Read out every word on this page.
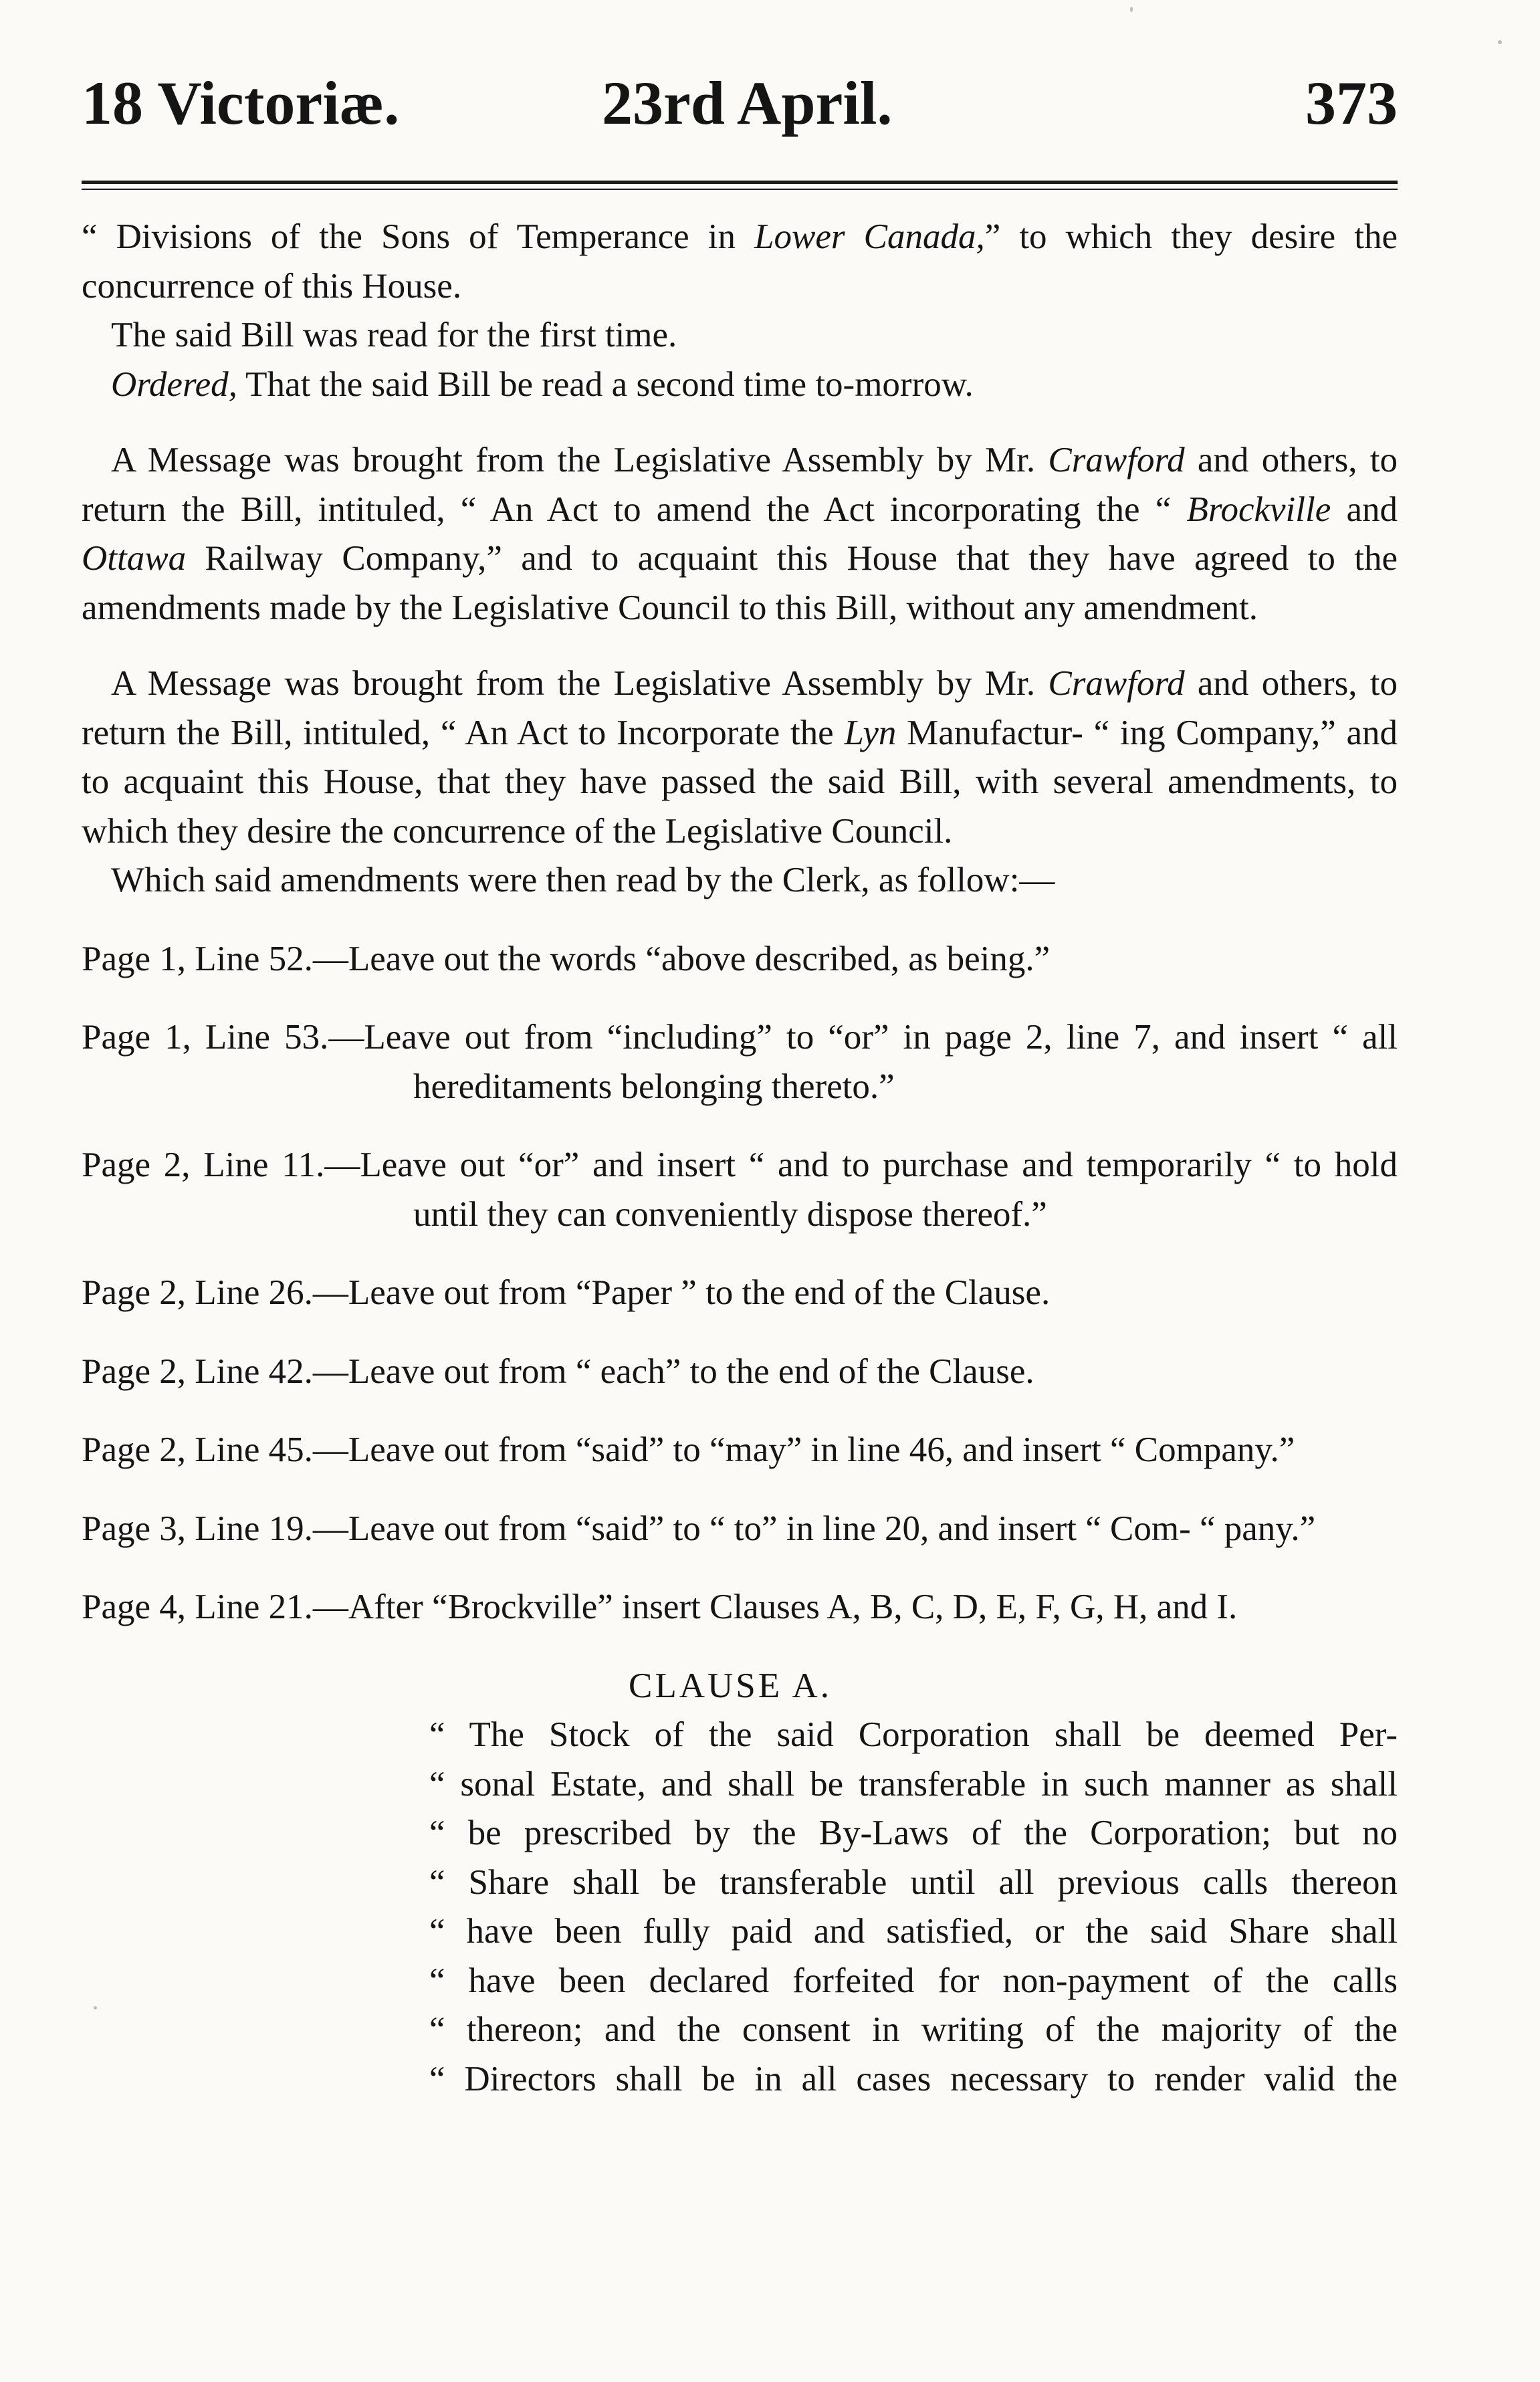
18 Victoriæ.	23rd April.	373

“ Divisions of the Sons of Temperance in Lower Canada,” to which they desire the concurrence of this House.

The said Bill was read for the first time.

Ordered, That the said Bill be read a second time to-morrow.

A Message was brought from the Legislative Assembly by Mr. Crawford and others, to return the Bill, intituled, “ An Act to amend the Act incorporating the “ Brockville and Ottawa Railway Company,” and to acquaint this House that they have agreed to the amendments made by the Legislative Council to this Bill, without any amendment.

A Message was brought from the Legislative Assembly by Mr. Crawford and others, to return the Bill, intituled, “ An Act to Incorporate the Lyn Manufactur- “ ing Company,” and to acquaint this House, that they have passed the said Bill, with several amendments, to which they desire the concurrence of the Legislative Council.

Which said amendments were then read by the Clerk, as follow:—

Page 1, Line 52.—Leave out the words “above described, as being.”

Page 1, Line 53.—Leave out from “including” to “or” in page 2, line 7, and insert “ all hereditaments belonging thereto.”

Page 2, Line 11.—Leave out “or” and insert “ and to purchase and temporarily “ to hold until they can conveniently dispose thereof.”

Page 2, Line 26.—Leave out from “Paper ” to the end of the Clause.

Page 2, Line 42.—Leave out from “ each” to the end of the Clause.

Page 2, Line 45.—Leave out from “said” to “may” in line 46, and insert “ Company.”

Page 3, Line 19.—Leave out from “said” to “ to” in line 20, and insert “ Com- “ pany.”

Page 4, Line 21.—After “Brockville” insert Clauses A, B, C, D, E, F, G, H, and I.

CLAUSE A.

“ The Stock of the said Corporation shall be deemed Per-

“ sonal Estate, and shall be transferable in such manner as shall

“ be prescribed by the By-Laws of the Corporation; but no

“ Share shall be transferable until all previous calls thereon

“ have been fully paid and satisfied, or the said Share shall

“ have been declared forfeited for non-payment of the calls

“ thereon; and the consent in writing of the majority of the

“ Directors shall be in all cases necessary to render valid the
